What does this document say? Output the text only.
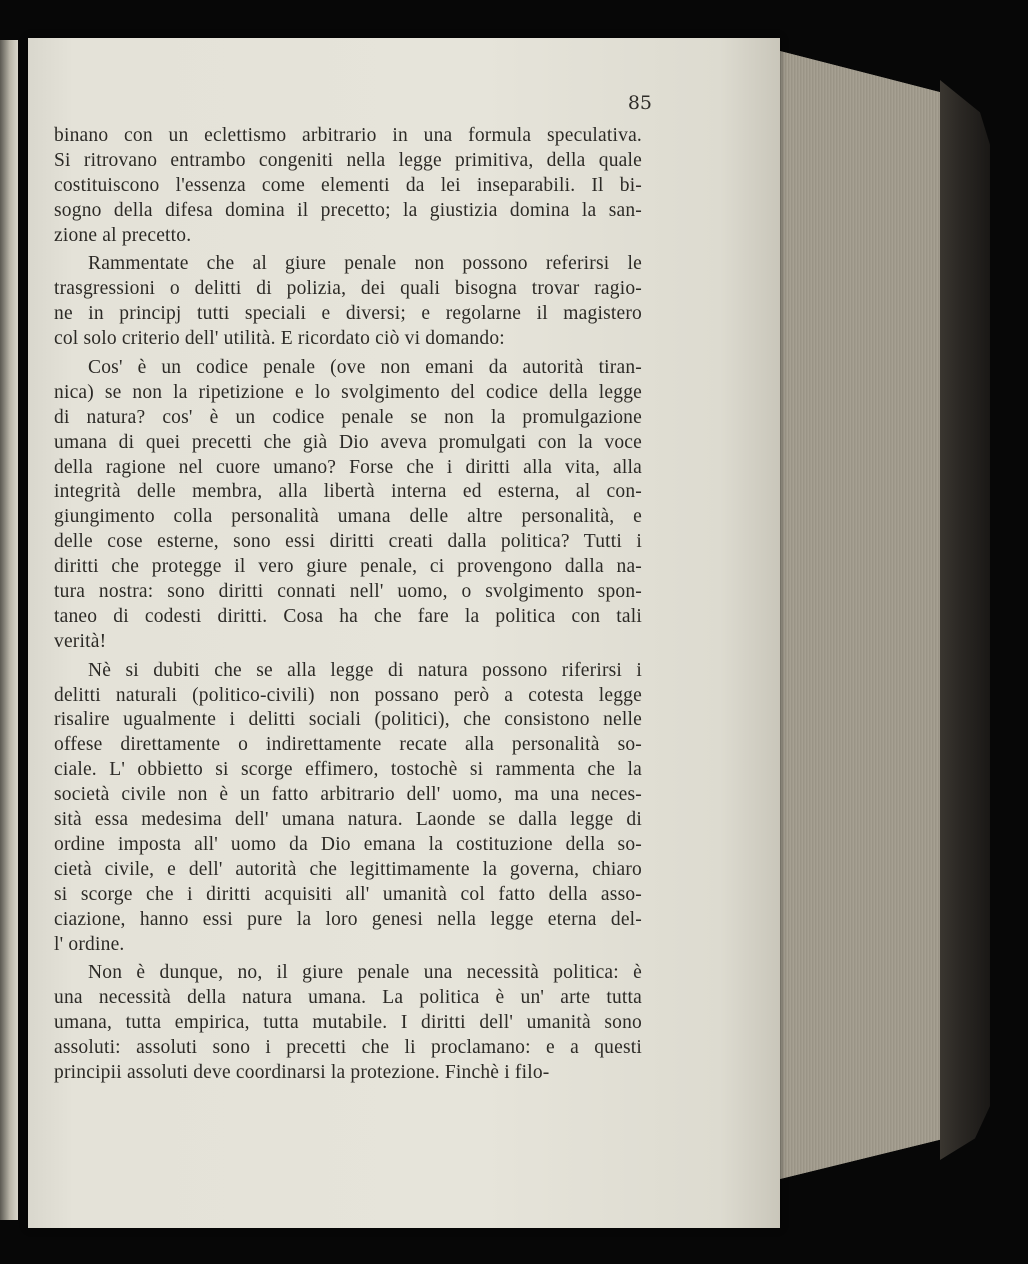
85
binano con un eclettismo arbitrario in una formula speculativa.
Si ritrovano entrambo congeniti nella legge primitiva, della quale
costituiscono l'essenza come elementi da lei inseparabili. Il bi-
sogno della difesa domina il precetto; la giustizia domina la san-
zione al precetto.
Rammentate che al giure penale non possono referirsi le
trasgressioni o delitti di polizia, dei quali bisogna trovar ragio-
ne in principj tutti speciali e diversi; e regolarne il magistero
col solo criterio dell' utilità. E ricordato ciò vi domando:
Cos' è un codice penale (ove non emani da autorità tiran-
nica) se non la ripetizione e lo svolgimento del codice della legge
di natura? cos' è un codice penale se non la promulgazione
umana di quei precetti che già Dio aveva promulgati con la voce
della ragione nel cuore umano? Forse che i diritti alla vita, alla
integrità delle membra, alla libertà interna ed esterna, al con-
giungimento colla personalità umana delle altre personalità, e
delle cose esterne, sono essi diritti creati dalla politica? Tutti i
diritti che protegge il vero giure penale, ci provengono dalla na-
tura nostra: sono diritti connati nell' uomo, o svolgimento spon-
taneo di codesti diritti. Cosa ha che fare la politica con tali
verità!
Nè si dubiti che se alla legge di natura possono riferirsi i
delitti naturali (politico-civili) non possano però a cotesta legge
risalire ugualmente i delitti sociali (politici), che consistono nelle
offese direttamente o indirettamente recate alla personalità so-
ciale. L' obbietto si scorge effimero, tostochè si rammenta che la
società civile non è un fatto arbitrario dell' uomo, ma una neces-
sità essa medesima dell' umana natura. Laonde se dalla legge di
ordine imposta all' uomo da Dio emana la costituzione della so-
cietà civile, e dell' autorità che legittimamente la governa, chiaro
si scorge che i diritti acquisiti all' umanità col fatto della asso-
ciazione, hanno essi pure la loro genesi nella legge eterna del-
l' ordine.
Non è dunque, no, il giure penale una necessità politica: è
una necessità della natura umana. La politica è un' arte tutta
umana, tutta empirica, tutta mutabile. I diritti dell' umanità sono
assoluti: assoluti sono i precetti che li proclamano: e a questi
principii assoluti deve coordinarsi la protezione. Finchè i filo-
